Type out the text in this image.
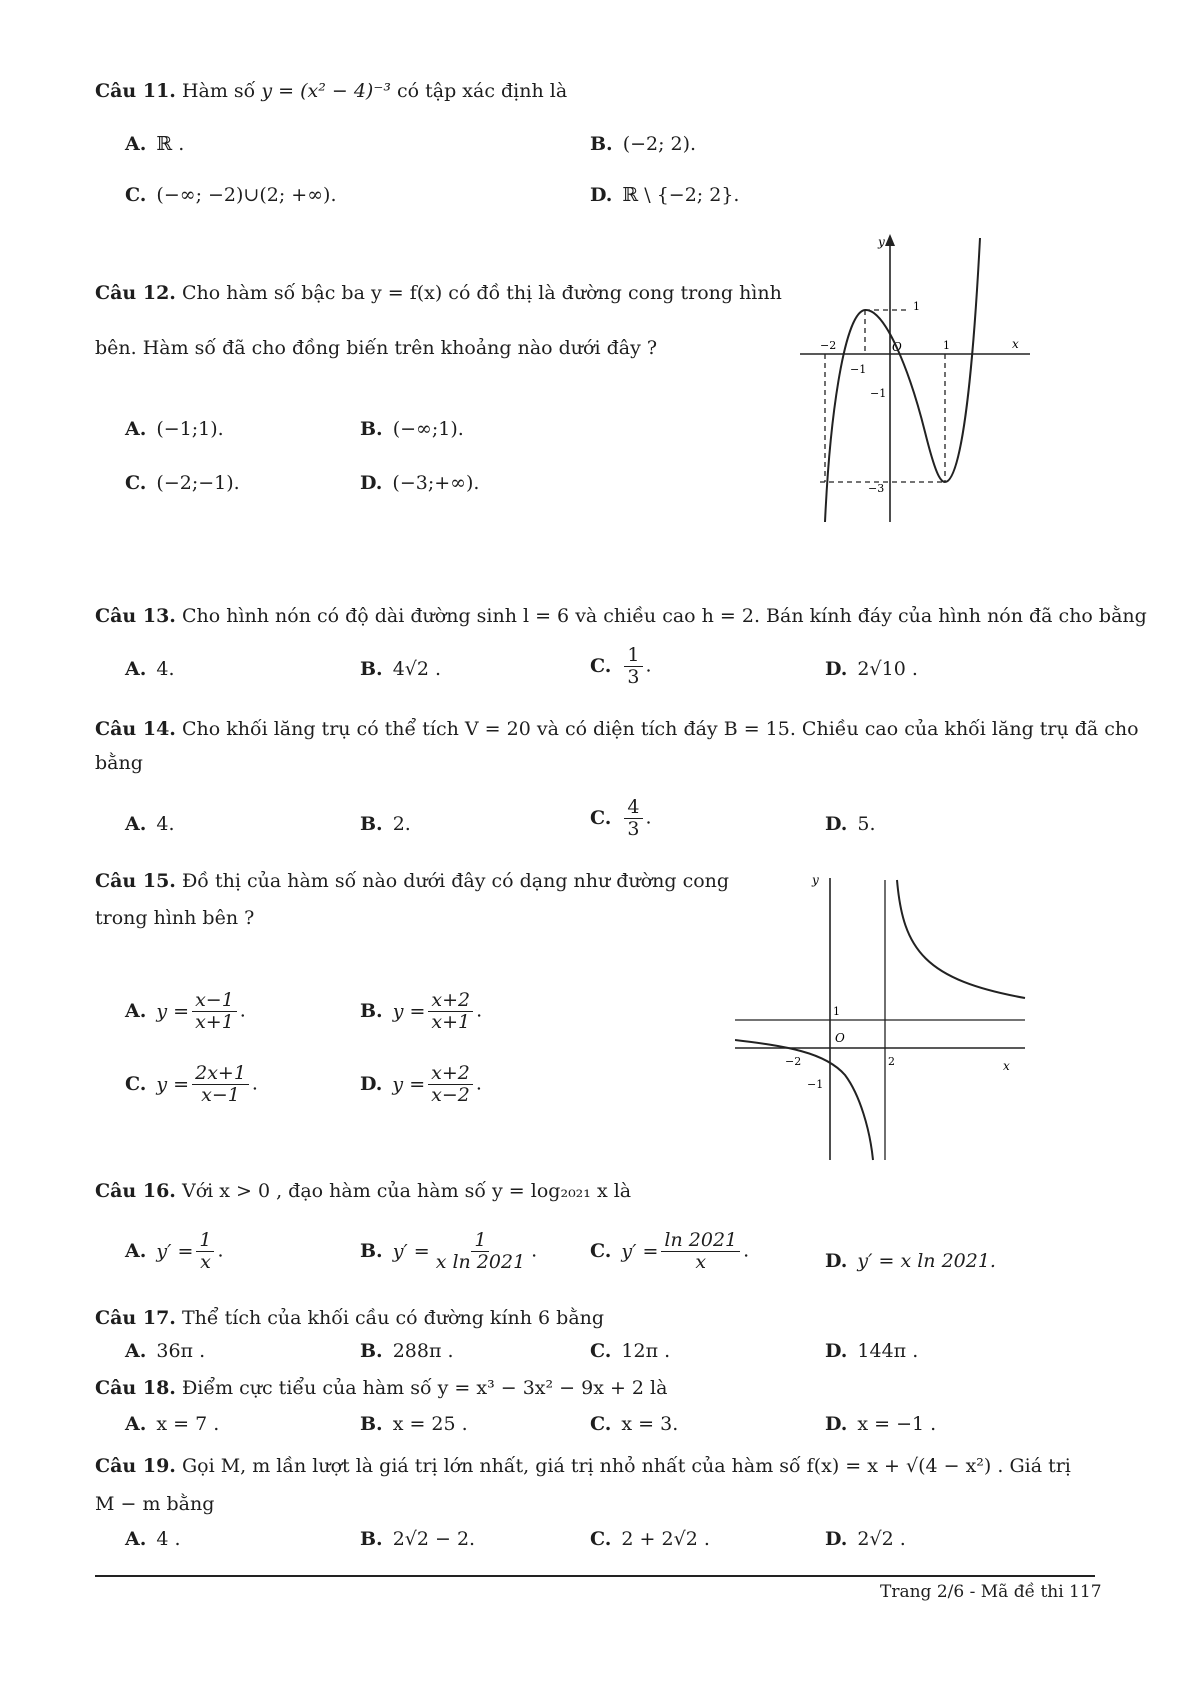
Câu 11. Hàm số y = (x² − 4)⁻³ có tập xác định là
A. ℝ .	B. (−2; 2).
C. (−∞; −2)∪(2; +∞).	D. ℝ \ {−2; 2}.
Câu 12. Cho hàm số bậc ba y = f(x) có đồ thị là đường cong trong hình
bên. Hàm số đã cho đồng biến trên khoảng nào dưới đây ?
A. (−1;1).	B. (−∞;1).
C. (−2;−1).	D. (−3;+∞).
y
x
O
1
−2	1
−1
−1
−3
Câu 13. Cho hình nón có độ dài đường sinh l = 6 và chiều cao h = 2. Bán kính đáy của hình nón đã cho bằng
A. 4.	B. 4√2 .	C. $\frac{1}{3}$ .	D. 2√10 .
Câu 14. Cho khối lăng trụ có thể tích V = 20 và có diện tích đáy B = 15. Chiều cao của khối lăng trụ đã cho
bằng
A. 4.	B. 2.	C. $\frac{4}{3}$ .	D. 5.
Câu 15. Đồ thị của hàm số nào dưới đây có dạng như đường cong
trong hình bên ?
A. $y = \frac{x-1}{x+1}$ .	B. $y = \frac{x+2}{x+1}$ .
C. $y = \frac{2x+1}{x-1}$ .	D. $y = \frac{x+2}{x-2}$ .
y
x
O
1
−2	2
−1
Câu 16. Với x > 0 , đạo hàm của hàm số y = log₂₀₂₁ x là
A. $y' = \frac{1}{x}$ .	B. $y' = \frac{1}{\text{x ln 2021}}$ .	C. $y' = \frac{\ln 2021}{x}$ .	D. y′ = x ln 2021.
Câu 17. Thể tích của khối cầu có đường kính 6 bằng
A. 36π .	B. 288π .	C. 12π .	D. 144π .
Câu 18. Điểm cực tiểu của hàm số y = x³ − 3x² − 9x + 2 là
A. x = 7 .	B. x = 25 .	C. x = 3.	D. x = −1 .
Câu 19. Gọi M, m lần lượt là giá trị lớn nhất, giá trị nhỏ nhất của hàm số f(x) = x + √(4 − x²) . Giá trị
M − m bằng
A. 4 .	B. 2√2 − 2.	C. 2 + 2√2 .	D. 2√2 .
Trang 2/6 - Mã đề thi 117
